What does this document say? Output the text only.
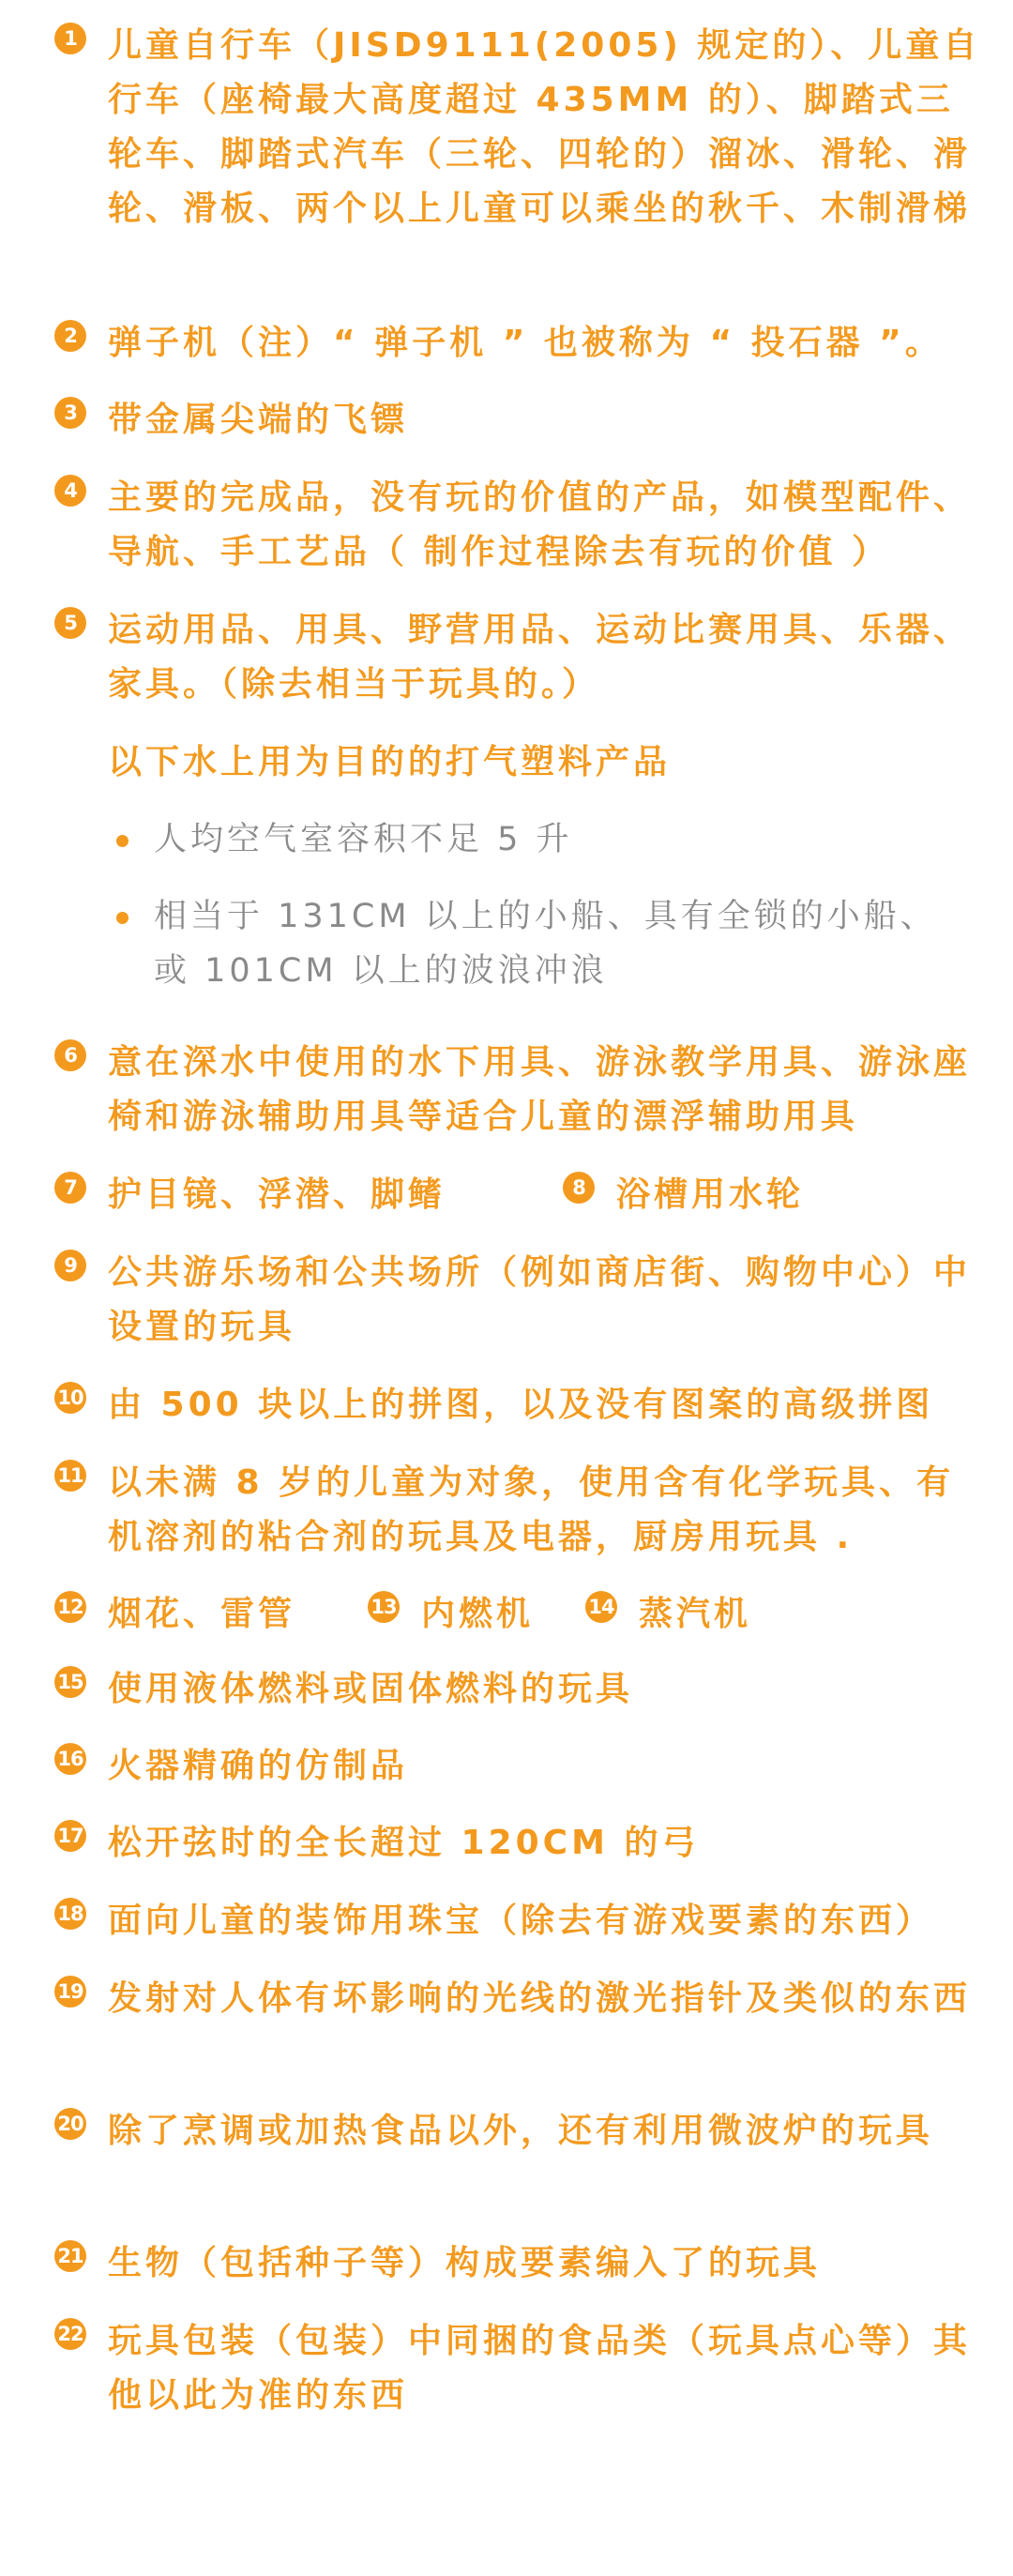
1 儿童自行车（JISD9111(2005) 规定的）、儿童自行车（座椅最大高度超过 435MM 的）、脚踏式三轮车、脚踏式汽车（三轮、四轮的）溜冰、滑轮、滑轮、滑板、两个以上儿童可以乘坐的秋千、木制滑梯
2 弹子机（注）“ 弹子机 ” 也被称为 “ 投石器 ”。
3 带金属尖端的飞镖
4 主要的完成品，没有玩的价值的产品，如模型配件、导航、手工艺品（ 制作过程除去有玩的价值 ）
5 运动用品、用具、野营用品、运动比赛用具、乐器、家具。（除去相当于玩具的。）
以下水上用为目的的打气塑料产品
人均空气室容积不足 5 升
相当于 131CM 以上的小船、具有全锁的小船、或 101CM 以上的波浪冲浪
6 意在深水中使用的水下用具、游泳教学用具、游泳座椅和游泳辅助用具等适合儿童的漂浮辅助用具
7 护目镜、浮潜、脚鳍	8 浴槽用水轮
9 公共游乐场和公共场所（例如商店街、购物中心）中设置的玩具
10 由 500 块以上的拼图，以及没有图案的高级拼图
11 以未满 8 岁的儿童为对象，使用含有化学玩具、有机溶剂的粘合剂的玩具及电器，厨房用玩具 .
12 烟花、雷管	13 内燃机	14 蒸汽机
15 使用液体燃料或固体燃料的玩具
16 火器精确的仿制品
17 松开弦时的全长超过 120CM 的弓
18 面向儿童的装饰用珠宝（除去有游戏要素的东西）
19 发射对人体有坏影响的光线的激光指针及类似的东西
20 除了烹调或加热食品以外，还有利用微波炉的玩具
21 生物（包括种子等）构成要素编入了的玩具
22 玩具包装（包装）中同捆的食品类（玩具点心等）其他以此为准的东西
